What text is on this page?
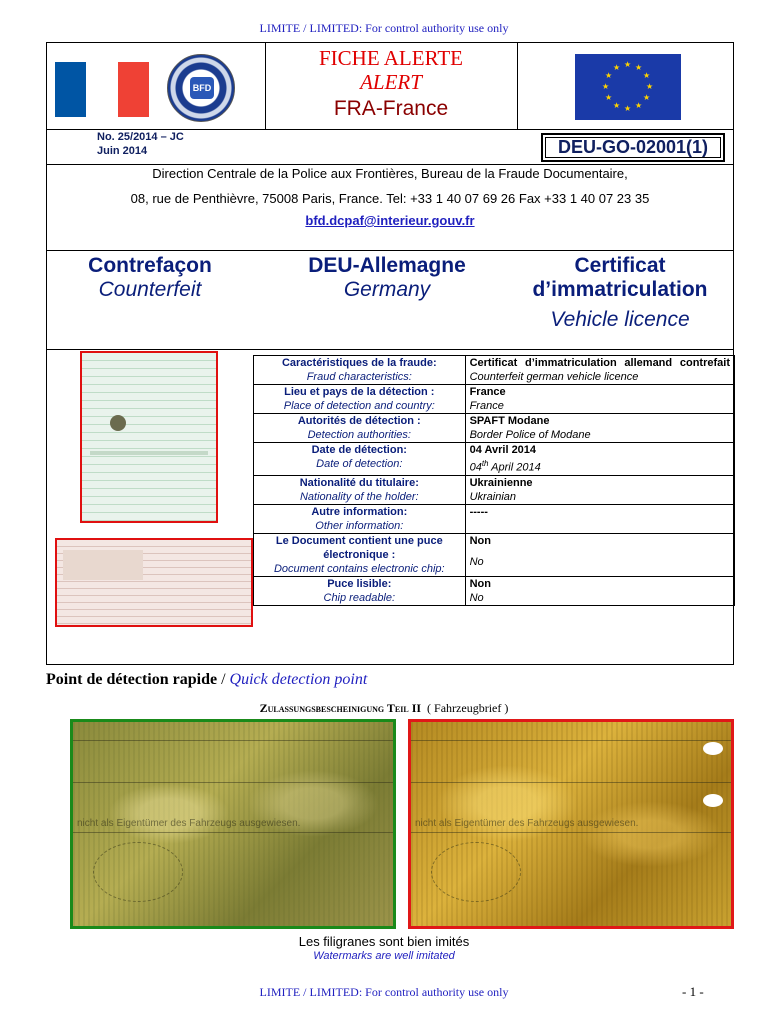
LIMITE / LIMITED: For control authority use only
BFD
FICHE ALERTE
ALERT
FRA-France
★ ★
★
★
★
★
★
★
★
★
★
★
No. 25/2014 – JC
Juin 2014	DEU-GO-02001(1)
Direction Centrale de la Police aux Frontières, Bureau de la Fraude Documentaire,
08, rue de Penthièvre, 75008 Paris, France. Tel: +33 1 40 07 69 26 Fax +33 1 40 07 23 35
bfd.dcpaf@interieur.gouv.fr
Contrefaçon
Counterfeit
DEU-Allemagne
Germany
Certificat
d’immatriculation
Vehicle licence
Caractéristiques de la fraude:
Fraud characteristics:	Certificat d’immatriculation allemand contrefait
Counterfeit german vehicle licence

Lieu et pays de la détection :
Place of detection and country:	France
France

Autorités de détection :
Detection authorities:	SPAFT Modane
Border Police of Modane

Date de détection:
Date of detection:	04 Avril 2014
04th April 2014

Nationalité du titulaire:
Nationality of the holder:	Ukrainienne
Ukrainian

Autre information:
Other information:	-----

Le Document contient une puce électronique :
Document contains electronic chip:	Non
No

Puce lisible:
Chip readable:	Non
No
Point de détection rapide / Quick detection point
Zulassungsbescheinigung Teil II ( Fahrzeugbrief )
nicht als Eigentümer des Fahrzeugs ausgewiesen.	nicht als Eigentümer des Fahrzeugs ausgewiesen.
Les filigranes sont bien imités
Watermarks are well imitated
LIMITE / LIMITED: For control authority use only	- 1 -
